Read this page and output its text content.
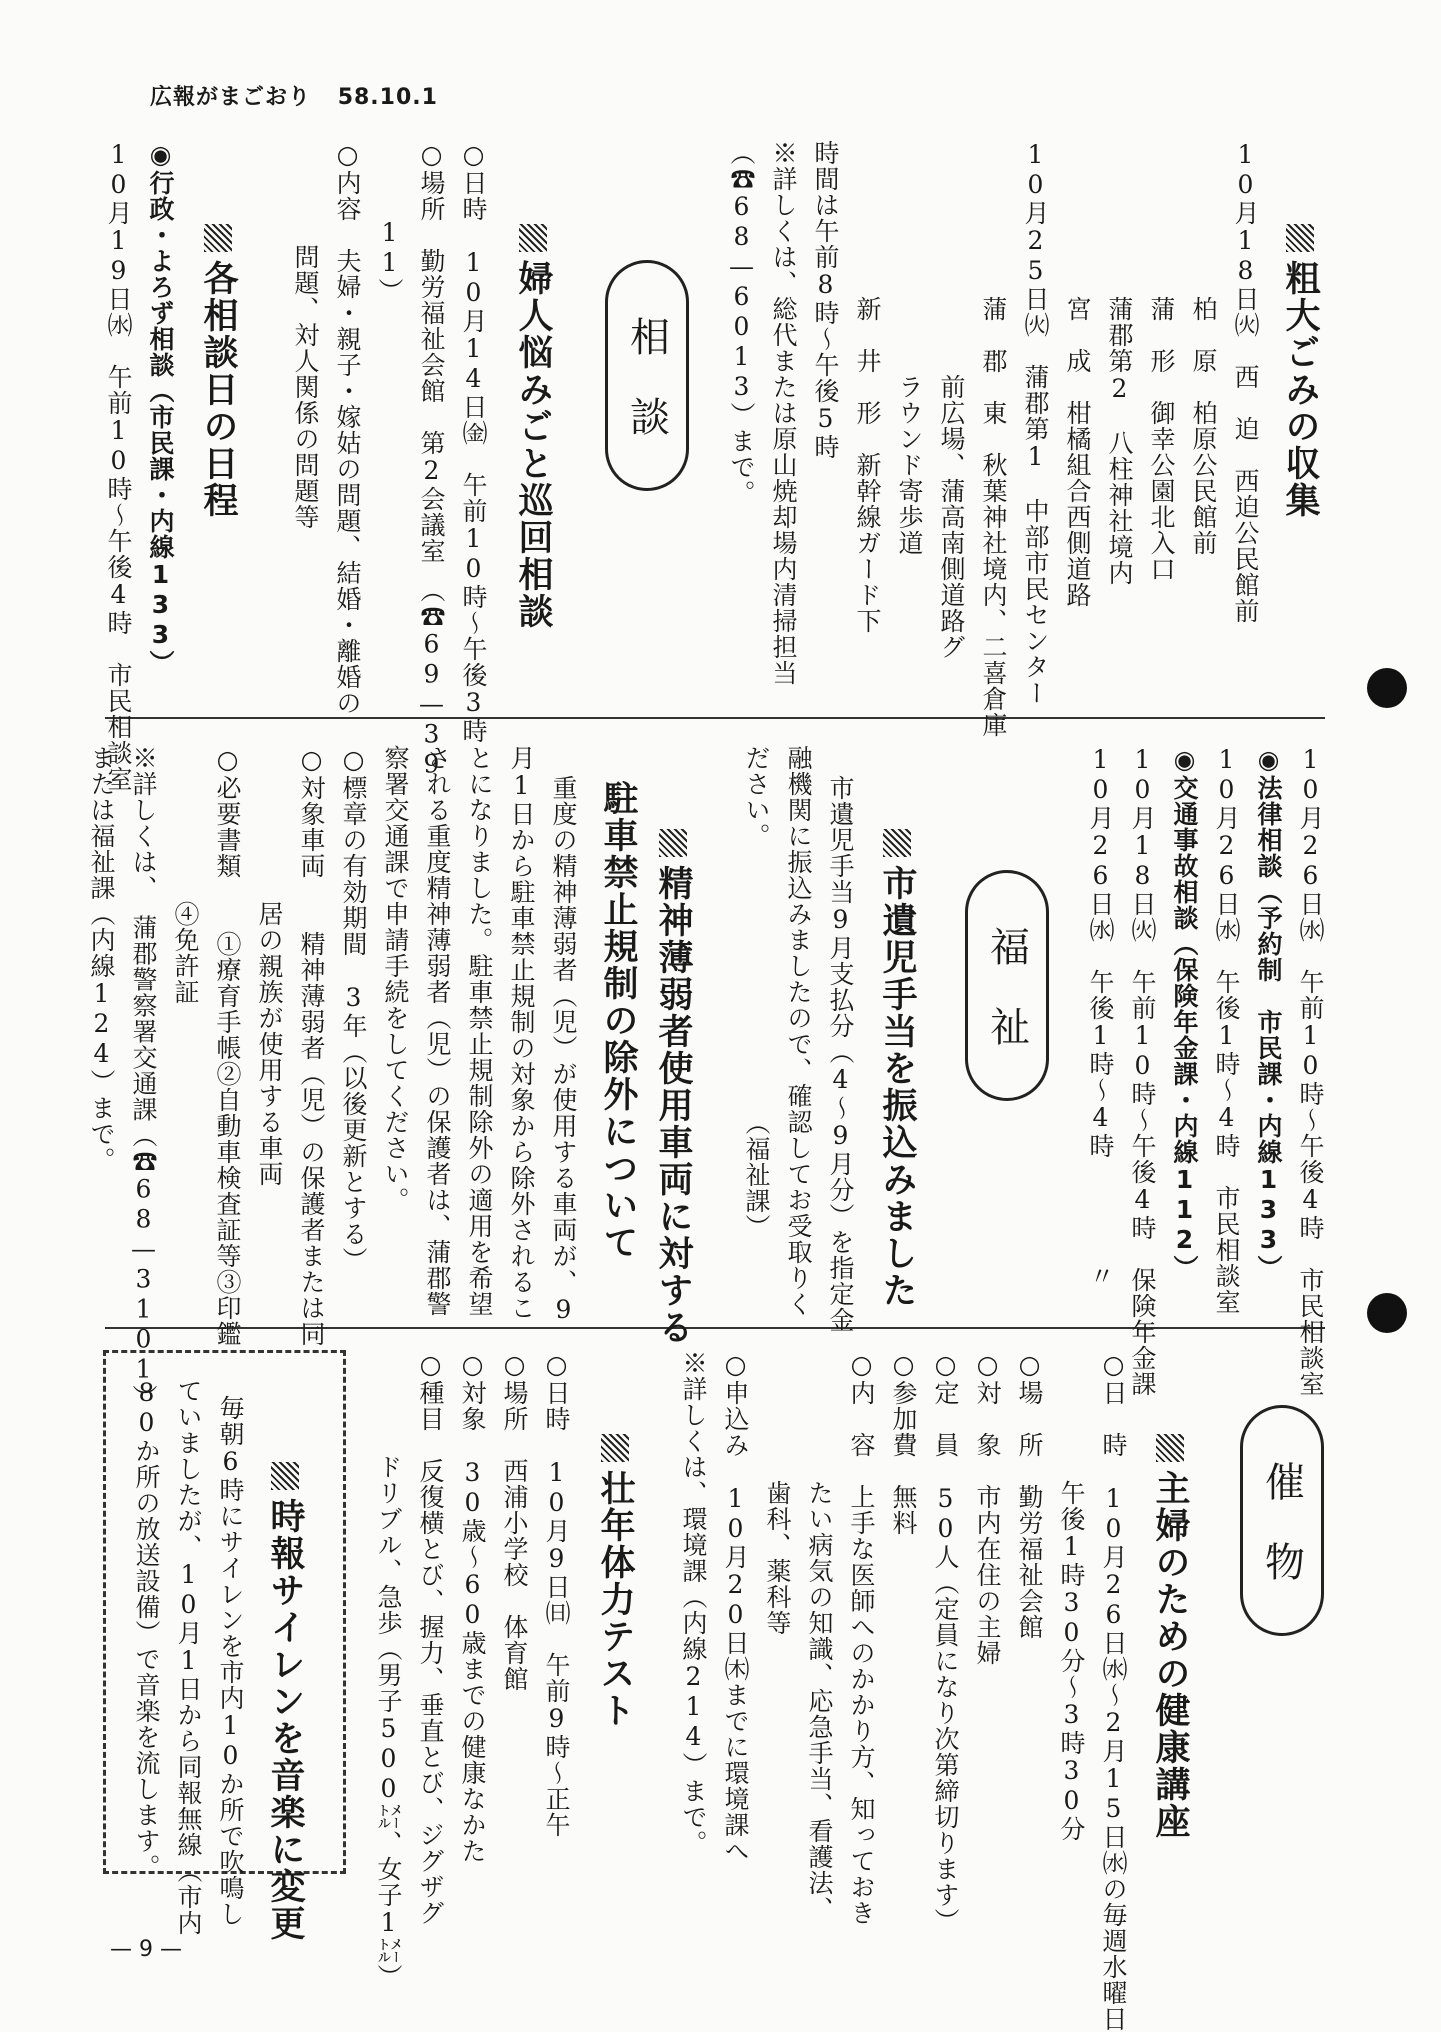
広報がまごおり 58.10.1

粗大ごみの収集

10月18日㈫　西　迫　西迫公民館前
　　　　　　柏　原　柏原公民館前
　　　　　　蒲　形　御幸公園北入口
　　　　　　蒲郡第2　八柱神社境内
　　　　　　宮　成　柑橘組合西側道路
10月25日㈫　蒲郡第1　中部市民センター
　　　　　　蒲　郡　東　秋葉神社境内、二喜倉庫
　　　　　　　　　前広場、蒲高南側道路グ
　　　　　　　　　ラウンド寄歩道
　　　　　　新　井　形　新幹線ガード下
時間は午前8時〜午後5時
※詳しくは、総代または原山焼却場内清掃担当
（☎68—6013）まで。
相　談

婦人悩みごと巡回相談

○日時　10月14日㈮　午前10時〜午後3時
○場所　勤労福祉会館　第2会議室　（☎69—39
　　　11）
○内容　夫婦・親子・嫁姑の問題、結婚・離婚の
　　　　問題、対人関係の問題等

各相談日の日程

◉行政・よろず相談（市民課・内線133）
10月19日㈬　午前10時〜午後4時　市民相談室
10月26日㈬　午前10時〜午後4時　市民相談室
◉法律相談（予約制　市民課・内線133）
10月26日㈬　午後1時〜4時　市民相談室
◉交通事故相談（保険年金課・内線112）
10月18日㈫　午前10時〜午後4時　保険年金課
10月26日㈬　午後1時〜4時　　　　〃
福　祉

市遺児手当を振込みました

市遺児手当9月支払分（4〜9月分）を指定金
融機関に振込みましたので、確認してお受取りく
ださい。　　　　　　　　　　　（福祉課）

精神薄弱者使用車両に対する

駐車禁止規制の除外について
重度の精神薄弱者（児）が使用する車両が、9
月1日から駐車禁止規制の対象から除外されるこ
とになりました。駐車禁止規制除外の適用を希望
される重度精神薄弱者（児）の保護者は、蒲郡警
察署交通課で申請手続をしてください。
○標章の有効期間　3年（以後更新とする）
○対象車両　　精神薄弱者（児）の保護者または同
　　　　　　居の親族が使用する車両
○必要書類　　①療育手帳②自動車検査証等③印鑑
　　　　　　④免許証
※詳しくは、　蒲郡警察署交通課（☎68—3101）
または福祉課（内線124）まで。
催　物

主婦のための健康講座

○日　時　10月26日㈬〜2月15日㈬の毎週水曜日
　　　　　午後1時30分〜3時30分
○場　所　勤労福祉会館
○対　象　市内在住の主婦
○定　員　50人（定員になり次第締切ります）
○参加費　無料
○内　容　上手な医師へのかかり方、知っておき
　　　　　たい病気の知識、応急手当、看護法、
　　　　　歯科、薬科等
○申込み　10月20日㈭までに環境課へ
※詳しくは、環境課（内線214）まで。

壮年体力テスト

○日時　10月9日㈰　午前9時〜正午
○場所　西浦小学校　体育館
○対象　30歳〜60歳までの健康なかた
○種目　反復横とび、握力、垂直とび、ジグザグ
　　　　ドリブル、急歩（男子500㍍、女子1㍍）

時報サイレンを音楽に変更

毎朝6時にサイレンを市内10か所で吹鳴し
ていましたが、10月1日から同報無線（市内
80か所の放送設備）で音楽を流します。
— 9 —
